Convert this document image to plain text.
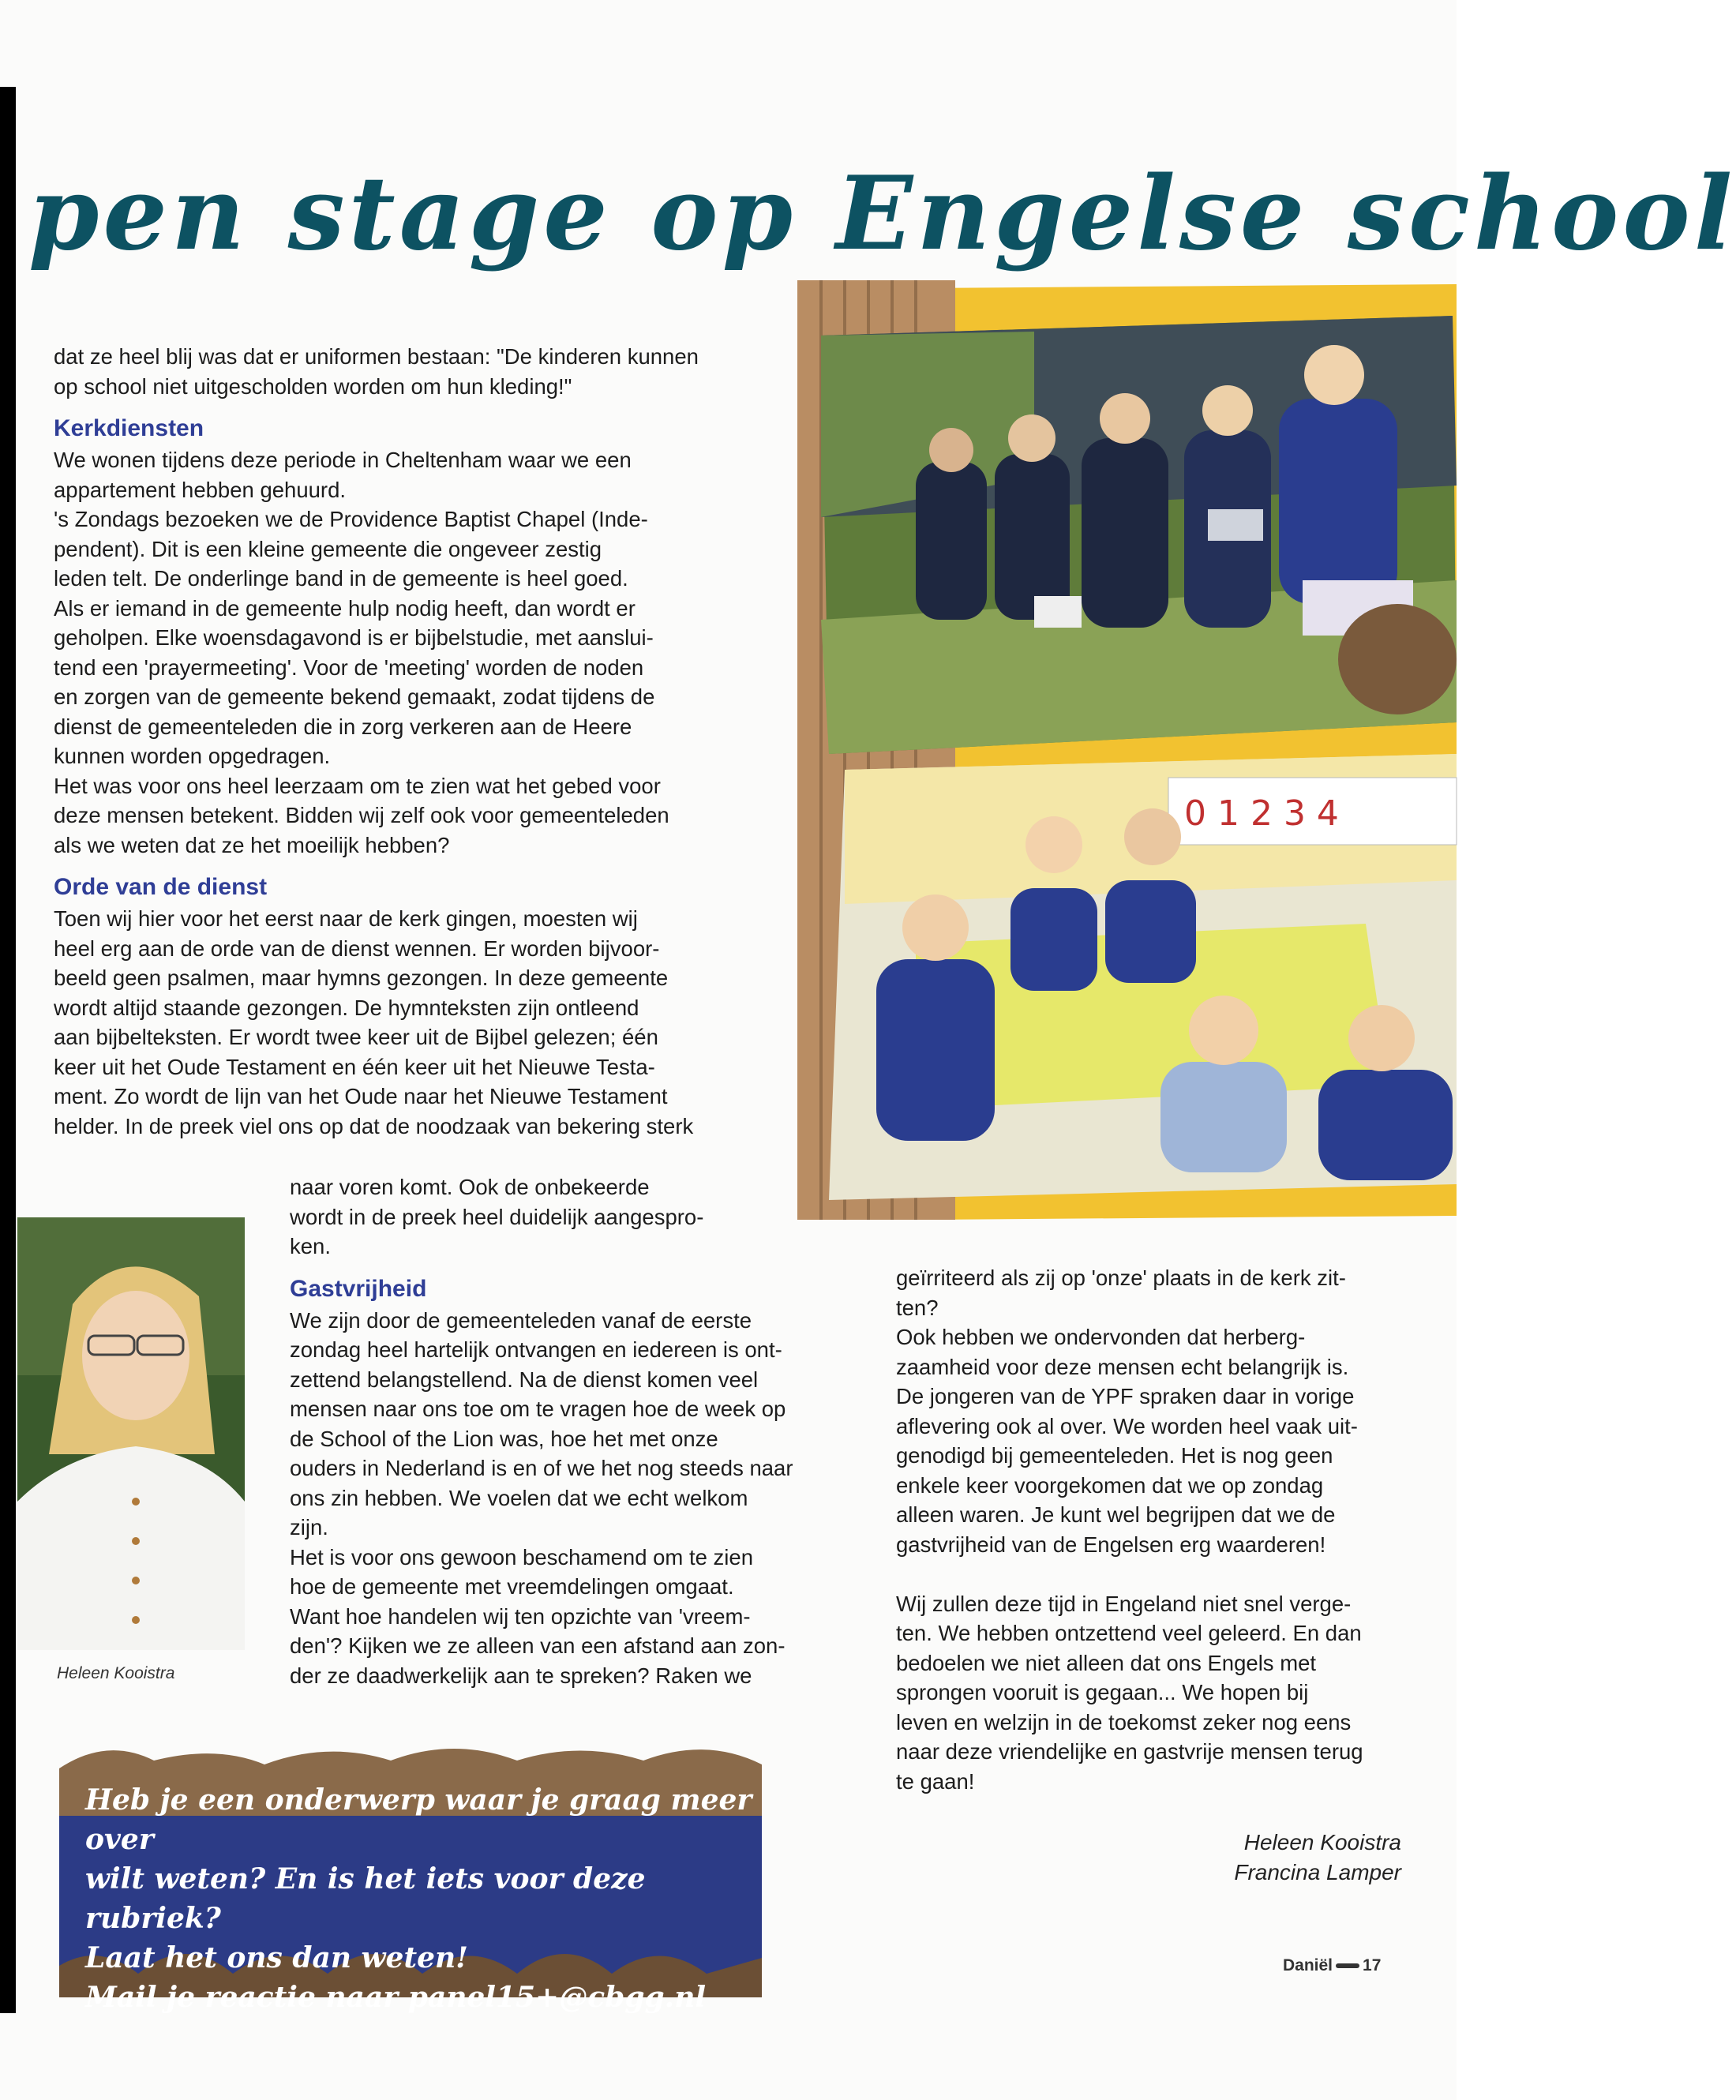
pen stage op Engelse school

dat ze heel blij was dat er uniformen bestaan: "De kinderen kunnen

op school niet uitgescholden worden om hun kleding!"

Kerkdiensten

We wonen tijdens deze periode in Cheltenham waar we een

appartement hebben gehuurd.

's Zondags bezoeken we de Providence Baptist Chapel (Inde-

pendent). Dit is een kleine gemeente die ongeveer zestig

leden telt. De onderlinge band in de gemeente is heel goed.

Als er iemand in de gemeente hulp nodig heeft, dan wordt er

geholpen. Elke woensdagavond is er bijbelstudie, met aanslui-

tend een 'prayermeeting'. Voor de 'meeting' worden de noden

en zorgen van de gemeente bekend gemaakt, zodat tijdens de

dienst de gemeenteleden die in zorg verkeren aan de Heere

kunnen worden opgedragen.

Het was voor ons heel leerzaam om te zien wat het gebed voor

deze mensen betekent. Bidden wij zelf ook voor gemeenteleden

als we weten dat ze het moeilijk hebben?

Orde van de dienst

Toen wij hier voor het eerst naar de kerk gingen, moesten wij

heel erg aan de orde van de dienst wennen. Er worden bijvoor-

beeld geen psalmen, maar hymns gezongen. In deze gemeente

wordt altijd staande gezongen. De hymnteksten zijn ontleend

aan bijbelteksten. Er wordt twee keer uit de Bijbel gelezen; één

keer uit het Oude Testament en één keer uit het Nieuwe Testa-

ment. Zo wordt de lijn van het Oude naar het Nieuwe Testament

helder. In de preek viel ons op dat de noodzaak van bekering sterk

naar voren komt. Ook de onbekeerde

wordt in de preek heel duidelijk aangespro-

ken.

Gastvrijheid

We zijn door de gemeenteleden vanaf de eerste

zondag heel hartelijk ontvangen en iedereen is ont-

zettend belangstellend. Na de dienst komen veel

mensen naar ons toe om te vragen hoe de week op

de School of the Lion was, hoe het met onze

ouders in Nederland is en of we het nog steeds naar

ons zin hebben. We voelen dat we echt welkom

zijn.

Het is voor ons gewoon beschamend om te zien

hoe de gemeente met vreemdelingen omgaat.

Want hoe handelen wij ten opzichte van 'vreem-

den'? Kijken we ze alleen van een afstand aan zon-

der ze daadwerkelijk aan te spreken? Raken we

geïrriteerd als zij op 'onze' plaats in de kerk zit-

ten?

Ook hebben we ondervonden dat herberg-

zaamheid voor deze mensen echt belangrijk is.

De jongeren van de YPF spraken daar in vorige

aflevering ook al over. We worden heel vaak uit-

genodigd bij gemeenteleden. Het is nog geen

enkele keer voorgekomen dat we op zondag

alleen waren. Je kunt wel begrijpen dat we de

gastvrijheid van de Engelsen erg waarderen!

Wij zullen deze tijd in Engeland niet snel verge-

ten. We hebben ontzettend veel geleerd. En dan

bedoelen we niet alleen dat ons Engels met

sprongen vooruit is gegaan... We hopen bij

leven en welzijn in de toekomst zeker nog eens

naar deze vriendelijke en gastvrije mensen terug

te gaan!

0 1 2 3 4
Heleen Kooistra

Heb je een onderwerp waar je graag meer over

wilt weten? En is het iets voor deze rubriek?

Laat het ons dan weten!

Mail je reactie naar panel15+@cbgg.nl

Heleen Kooistra
Francina Lamper
Daniël 17
